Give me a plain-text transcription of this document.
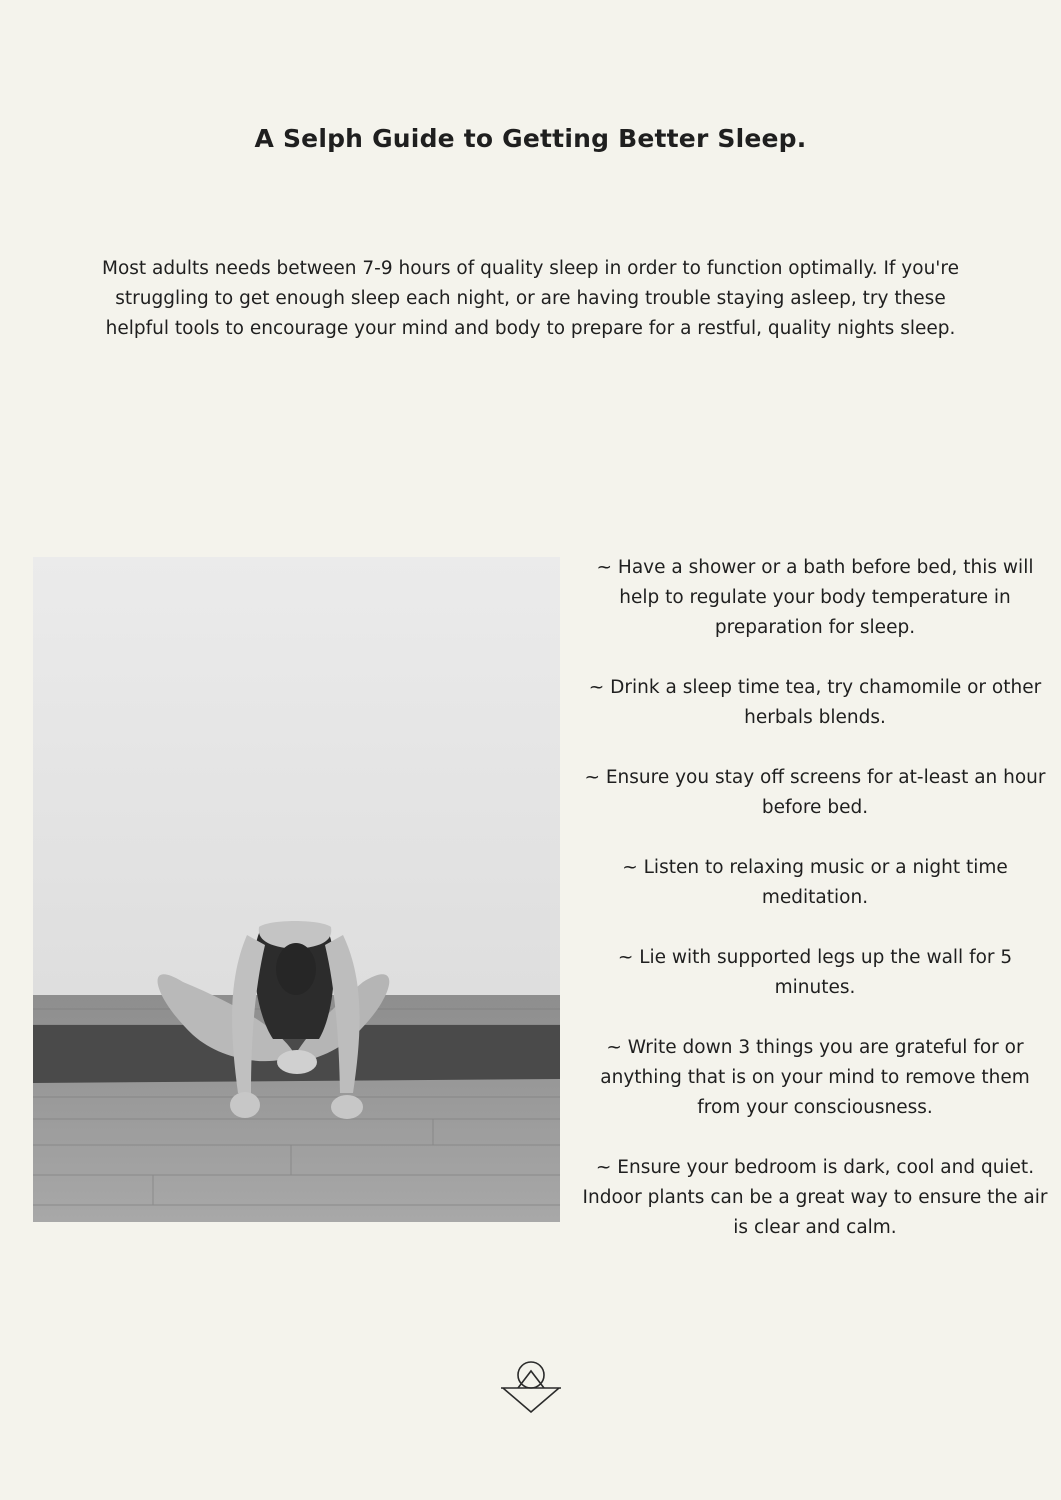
A Selph Guide to Getting Better Sleep.

Most adults needs between 7-9 hours of quality sleep in order to function optimally. If you're struggling to get enough sleep each night, or are having trouble staying asleep, try these helpful tools to encourage your mind and body to prepare for a restful, quality nights sleep.

~ Have a shower or a bath before bed, this will help to regulate your body temperature in preparation for sleep.
~ Drink a sleep time tea, try chamomile or other herbals blends.
~ Ensure you stay off screens for at-least an hour before bed.
~ Listen to relaxing music or a night time meditation.
~ Lie with supported legs up the wall for 5 minutes.
~ Write down 3 things you are grateful for or anything that is on your mind to remove them from your consciousness.
~ Ensure your bedroom is dark, cool and quiet. Indoor plants can be a great way to ensure the air is clear and calm.
